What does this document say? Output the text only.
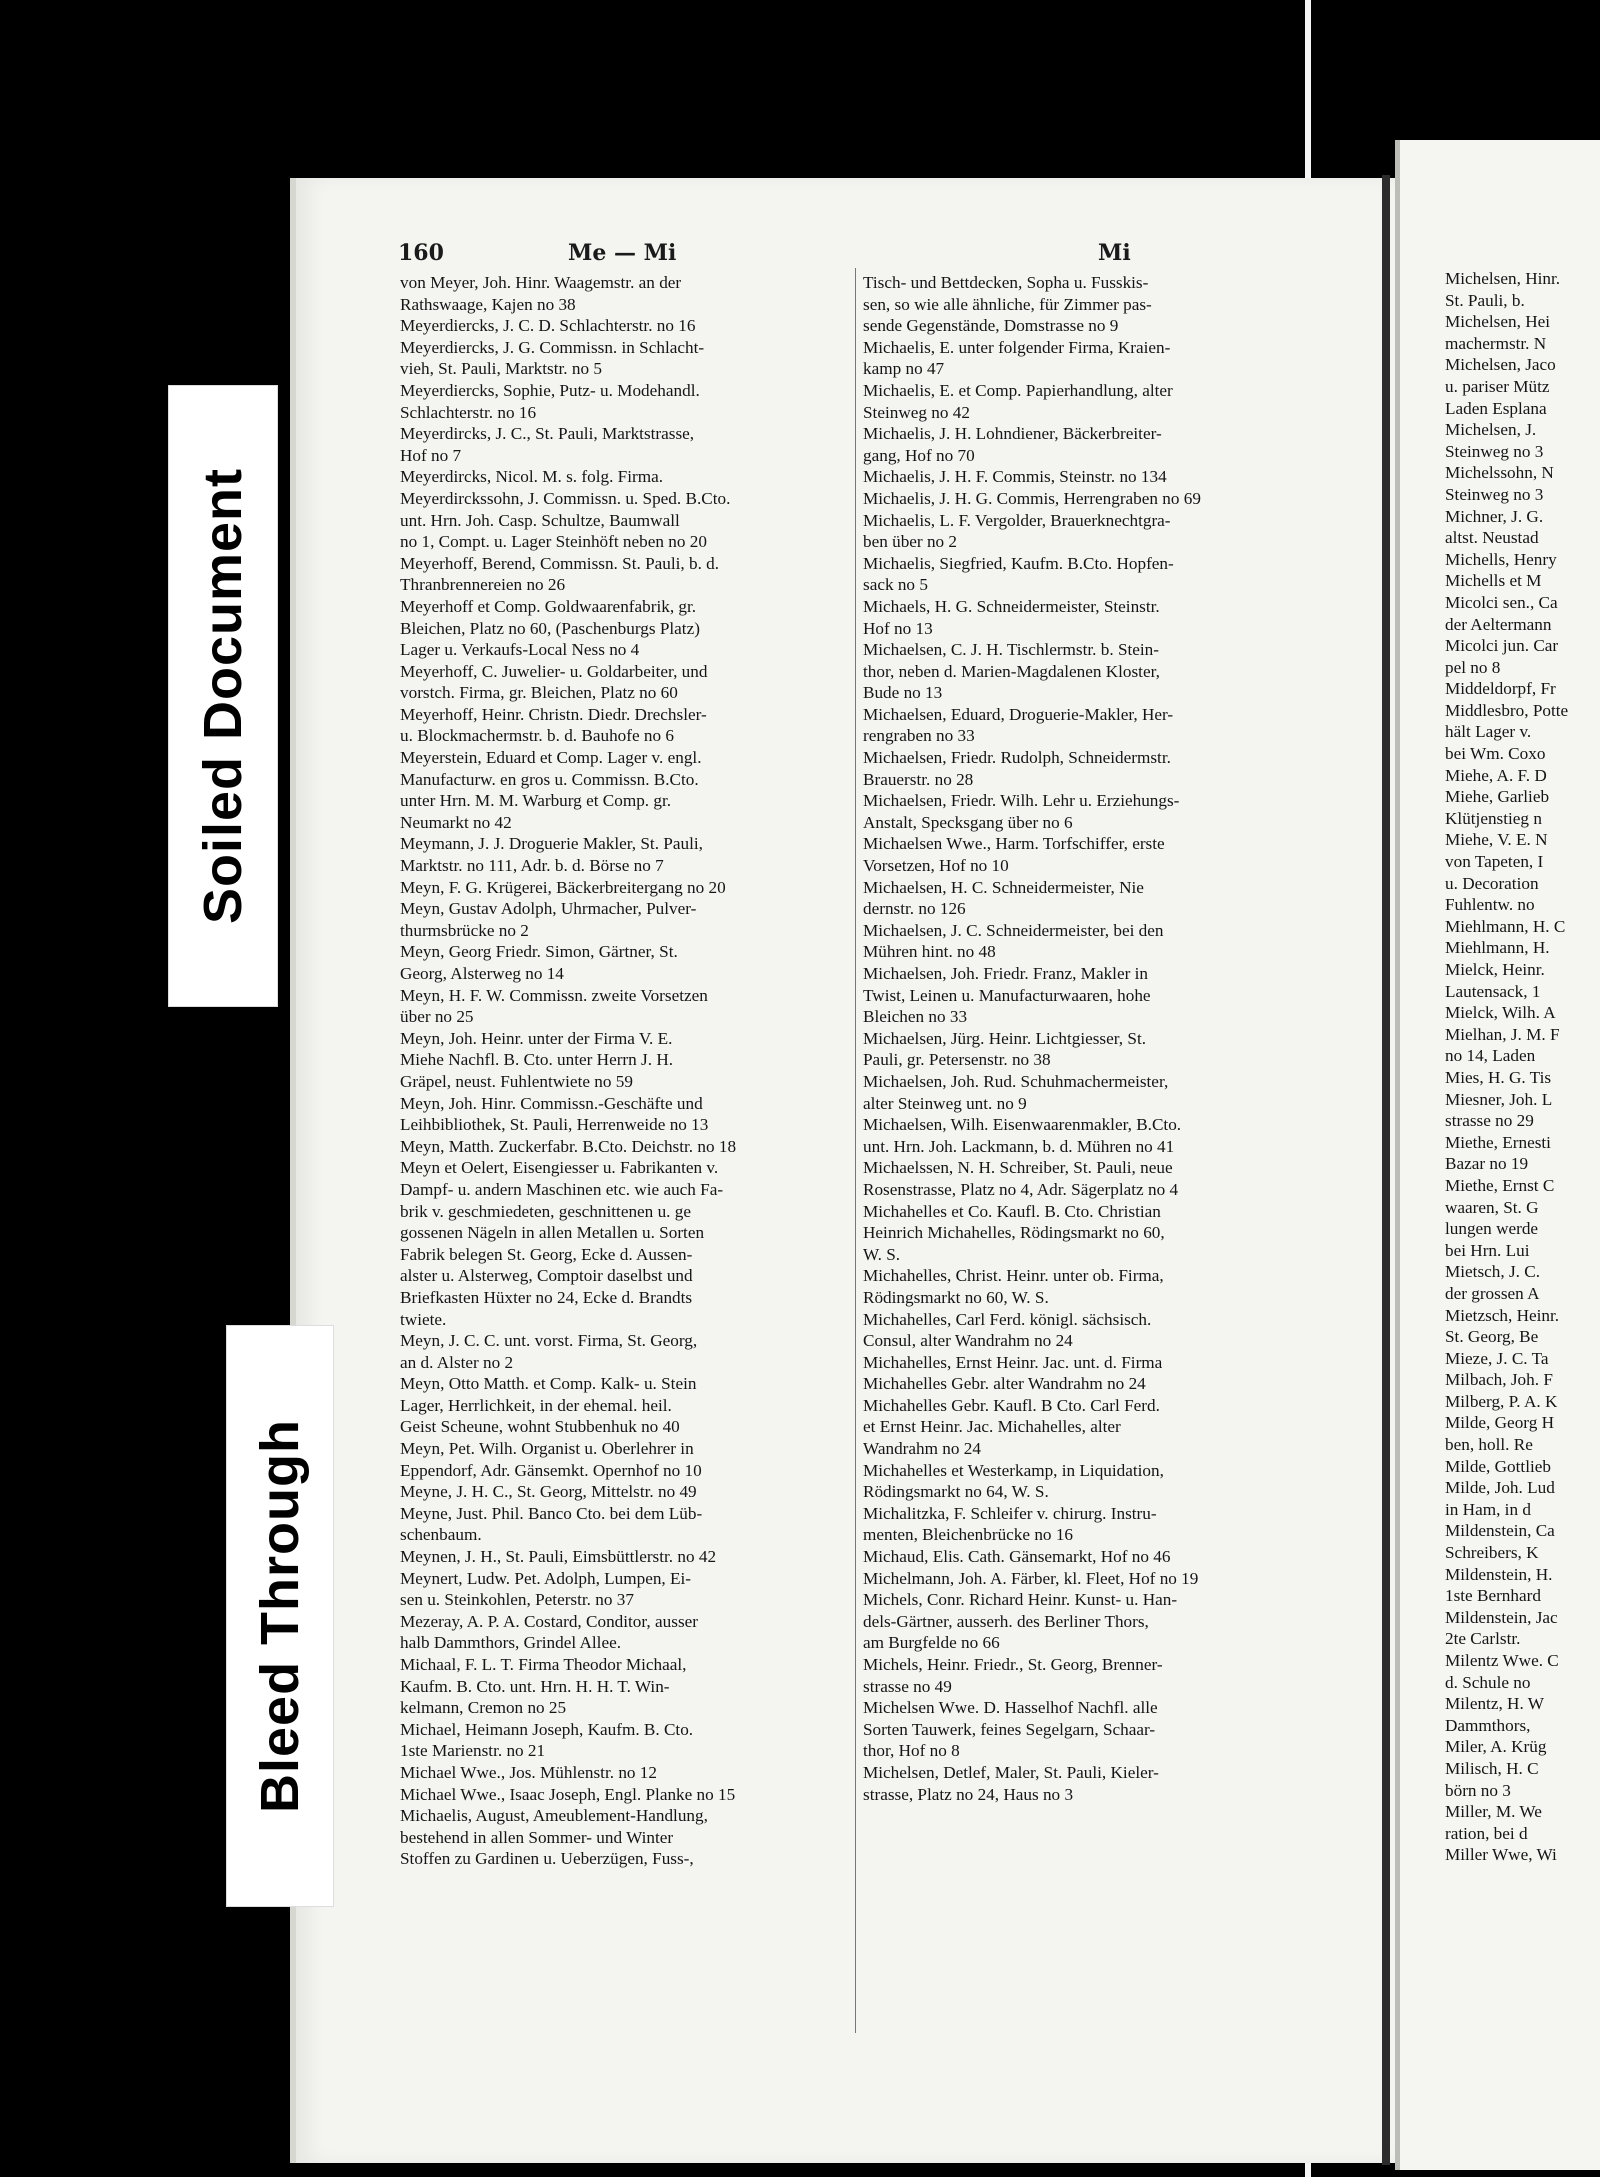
Michelsen, Hinr.

St. Pauli, b.

Michelsen, Hei

machermstr. N

Michelsen, Jaco

u. pariser Mütz

Laden Esplana

Michelsen, J.

Steinweg no 3

Michelssohn, N

Steinweg no 3

Michner, J. G.

altst. Neustad

Michells, Henry

Michells et M

Micolci sen., Ca

der Aeltermann

Micolci jun. Car

pel no 8

Middeldorpf, Fr

Middlesbro, Potte

hält Lager v.

bei Wm. Coxo

Miehe, A. F. D

Miehe, Garlieb

Klütjenstieg n

Miehe, V. E. N

von Tapeten, I

u. Decoration

Fuhlentw. no

Miehlmann, H. C

Miehlmann, H.

Mielck, Heinr.

Lautensack, 1

Mielck, Wilh. A

Mielhan, J. M. F

no 14, Laden

Mies, H. G. Tis

Miesner, Joh. L

strasse no 29

Miethe, Ernesti

Bazar no 19

Miethe, Ernst C

waaren, St. G

lungen werde

bei Hrn. Lui

Mietsch, J. C.

der grossen A

Mietzsch, Heinr.

St. Georg, Be

Mieze, J. C. Ta

Milbach, Joh. F

Milberg, P. A. K

Milde, Georg H

ben, holl. Re

Milde, Gottlieb

Milde, Joh. Lud

in Ham, in d

Mildenstein, Ca

Schreibers, K

Mildenstein, H.

1ste Bernhard

Mildenstein, Jac

2te Carlstr.

Milentz Wwe. C

d. Schule no

Milentz, H. W

Dammthors,

Miler, A. Krüg

Milisch, H. C

börn no 3

Miller, M. We

ration, bei d

Miller Wwe, Wi

160	Me — Mi	Mi

von Meyer, Joh. Hinr. Waagemstr. an der

Rathswaage, Kajen no 38

Meyerdiercks, J. C. D. Schlachterstr. no 16

Meyerdiercks, J. G. Commissn. in Schlacht-

vieh, St. Pauli, Marktstr. no 5

Meyerdiercks, Sophie, Putz- u. Modehandl.

Schlachterstr. no 16

Meyerdircks, J. C., St. Pauli, Marktstrasse,

Hof no 7

Meyerdircks, Nicol. M. s. folg. Firma.

Meyerdirckssohn, J. Commissn. u. Sped. B.Cto.

unt. Hrn. Joh. Casp. Schultze, Baumwall

no 1, Compt. u. Lager Steinhöft neben no 20

Meyerhoff, Berend, Commissn. St. Pauli, b. d.

Thranbrennereien no 26

Meyerhoff et Comp. Goldwaarenfabrik, gr.

Bleichen, Platz no 60, (Paschenburgs Platz)

Lager u. Verkaufs-Local Ness no 4

Meyerhoff, C. Juwelier- u. Goldarbeiter, und

vorstch. Firma, gr. Bleichen, Platz no 60

Meyerhoff, Heinr. Christn. Diedr. Drechsler-

u. Blockmachermstr. b. d. Bauhofe no 6

Meyerstein, Eduard et Comp. Lager v. engl.

Manufacturw. en gros u. Commissn. B.Cto.

unter Hrn. M. M. Warburg et Comp. gr.

Neumarkt no 42

Meymann, J. J. Droguerie Makler, St. Pauli,

Marktstr. no 111, Adr. b. d. Börse no 7

Meyn, F. G. Krügerei, Bäckerbreitergang no 20

Meyn, Gustav Adolph, Uhrmacher, Pulver-

thurmsbrücke no 2

Meyn, Georg Friedr. Simon, Gärtner, St.

Georg, Alsterweg no 14

Meyn, H. F. W. Commissn. zweite Vorsetzen

über no 25

Meyn, Joh. Heinr. unter der Firma V. E.

Miehe Nachfl. B. Cto. unter Herrn J. H.

Gräpel, neust. Fuhlentwiete no 59

Meyn, Joh. Hinr. Commissn.-Geschäfte und

Leihbibliothek, St. Pauli, Herrenweide no 13

Meyn, Matth. Zuckerfabr. B.Cto. Deichstr. no 18

Meyn et Oelert, Eisengiesser u. Fabrikanten v.

Dampf- u. andern Maschinen etc. wie auch Fa-

brik v. geschmiedeten, geschnittenen u. ge

gossenen Nägeln in allen Metallen u. Sorten

Fabrik belegen St. Georg, Ecke d. Aussen-

alster u. Alsterweg, Comptoir daselbst und

Briefkasten Hüxter no 24, Ecke d. Brandts

twiete.

Meyn, J. C. C. unt. vorst. Firma, St. Georg,

an d. Alster no 2

Meyn, Otto Matth. et Comp. Kalk- u. Stein

Lager, Herrlichkeit, in der ehemal. heil.

Geist Scheune, wohnt Stubbenhuk no 40

Meyn, Pet. Wilh. Organist u. Oberlehrer in

Eppendorf, Adr. Gänsemkt. Opernhof no 10

Meyne, J. H. C., St. Georg, Mittelstr. no 49

Meyne, Just. Phil. Banco Cto. bei dem Lüb-

schenbaum.

Meynen, J. H., St. Pauli, Eimsbüttlerstr. no 42

Meynert, Ludw. Pet. Adolph, Lumpen, Ei-

sen u. Steinkohlen, Peterstr. no 37

Mezeray, A. P. A. Costard, Conditor, ausser

halb Dammthors, Grindel Allee.

Michaal, F. L. T. Firma Theodor Michaal,

Kaufm. B. Cto. unt. Hrn. H. H. T. Win-

kelmann, Cremon no 25

Michael, Heimann Joseph, Kaufm. B. Cto.

1ste Marienstr. no 21

Michael Wwe., Jos. Mühlenstr. no 12

Michael Wwe., Isaac Joseph, Engl. Planke no 15

Michaelis, August, Ameublement-Handlung,

bestehend in allen Sommer- und Winter

Stoffen zu Gardinen u. Ueberzügen, Fuss-,

Tisch- und Bettdecken, Sopha u. Fusskis-

sen, so wie alle ähnliche, für Zimmer pas-

sende Gegenstände, Domstrasse no 9

Michaelis, E. unter folgender Firma, Kraien-

kamp no 47

Michaelis, E. et Comp. Papierhandlung, alter

Steinweg no 42

Michaelis, J. H. Lohndiener, Bäckerbreiter-

gang, Hof no 70

Michaelis, J. H. F. Commis, Steinstr. no 134

Michaelis, J. H. G. Commis, Herrengraben no 69

Michaelis, L. F. Vergolder, Brauerknechtgra-

ben über no 2

Michaelis, Siegfried, Kaufm. B.Cto. Hopfen-

sack no 5

Michaels, H. G. Schneidermeister, Steinstr.

Hof no 13

Michaelsen, C. J. H. Tischlermstr. b. Stein-

thor, neben d. Marien-Magdalenen Kloster,

Bude no 13

Michaelsen, Eduard, Droguerie-Makler, Her-

rengraben no 33

Michaelsen, Friedr. Rudolph, Schneidermstr.

Brauerstr. no 28

Michaelsen, Friedr. Wilh. Lehr u. Erziehungs-

Anstalt, Specksgang über no 6

Michaelsen Wwe., Harm. Torfschiffer, erste

Vorsetzen, Hof no 10

Michaelsen, H. C. Schneidermeister, Nie

dernstr. no 126

Michaelsen, J. C. Schneidermeister, bei den

Mühren hint. no 48

Michaelsen, Joh. Friedr. Franz, Makler in

Twist, Leinen u. Manufacturwaaren, hohe

Bleichen no 33

Michaelsen, Jürg. Heinr. Lichtgiesser, St.

Pauli, gr. Petersenstr. no 38

Michaelsen, Joh. Rud. Schuhmachermeister,

alter Steinweg unt. no 9

Michaelsen, Wilh. Eisenwaarenmakler, B.Cto.

unt. Hrn. Joh. Lackmann, b. d. Mühren no 41

Michaelssen, N. H. Schreiber, St. Pauli, neue

Rosenstrasse, Platz no 4, Adr. Sägerplatz no 4

Michahelles et Co. Kaufl. B. Cto. Christian

Heinrich Michahelles, Rödingsmarkt no 60,

W. S.

Michahelles, Christ. Heinr. unter ob. Firma,

Rödingsmarkt no 60, W. S.

Michahelles, Carl Ferd. königl. sächsisch.

Consul, alter Wandrahm no 24

Michahelles, Ernst Heinr. Jac. unt. d. Firma

Michahelles Gebr. alter Wandrahm no 24

Michahelles Gebr. Kaufl. B Cto. Carl Ferd.

et Ernst Heinr. Jac. Michahelles, alter

Wandrahm no 24

Michahelles et Westerkamp, in Liquidation,

Rödingsmarkt no 64, W. S.

Michalitzka, F. Schleifer v. chirurg. Instru-

menten, Bleichenbrücke no 16

Michaud, Elis. Cath. Gänsemarkt, Hof no 46

Michelmann, Joh. A. Färber, kl. Fleet, Hof no 19

Michels, Conr. Richard Heinr. Kunst- u. Han-

dels-Gärtner, ausserh. des Berliner Thors,

am Burgfelde no 66

Michels, Heinr. Friedr., St. Georg, Brenner-

strasse no 49

Michelsen Wwe. D. Hasselhof Nachfl. alle

Sorten Tauwerk, feines Segelgarn, Schaar-

thor, Hof no 8

Michelsen, Detlef, Maler, St. Pauli, Kieler-

strasse, Platz no 24, Haus no 3

Soiled Document
Bleed Through
